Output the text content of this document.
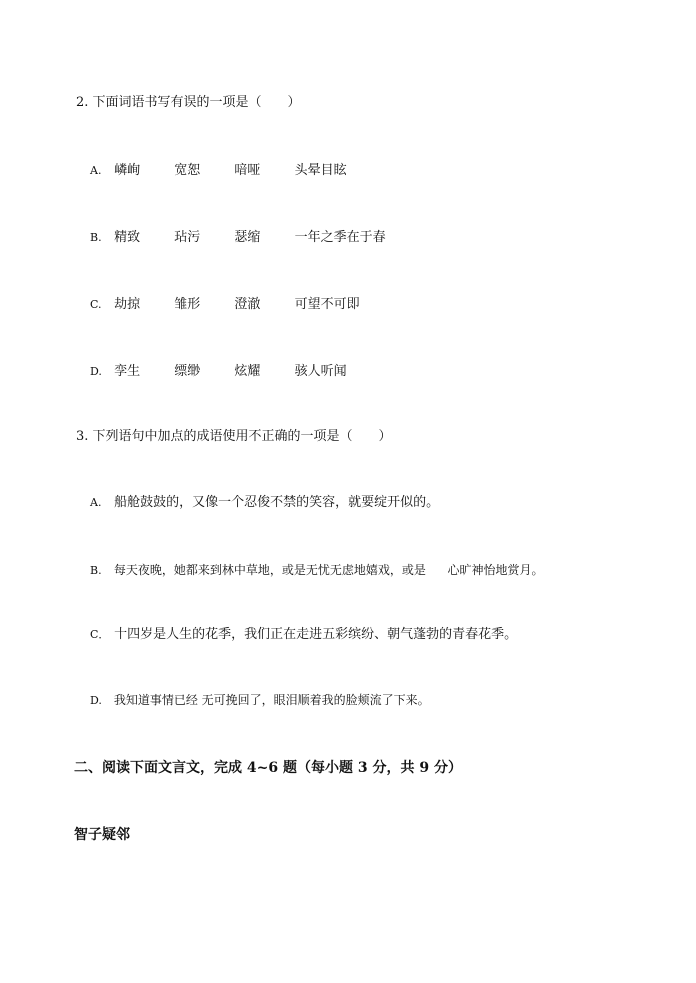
2. 下面词语书写有误的一项是（　　）
A. 嶙峋	宽恕	喑哑	头晕目眩
B. 精致	玷污	瑟缩	一年之季在于春
C. 劫掠	雏形	澄澈	可望不可即
D. 孪生	缥缈	炫耀	骇人听闻
3. 下列语句中加点的成语使用不正确的一项是（　　）
A. 船舱鼓鼓的，又像一个忍俊不禁的笑容，就要绽开似的。
B. 每天夜晚，她都来到林中草地，或是无忧无虑地嬉戏，或是 心旷神怡地赏月。
C． 十四岁是人生的花季，我们正在走进五彩缤纷、朝气蓬勃的青春花季。
D. 我知道事情已经 无可挽回了，眼泪顺着我的脸颊流了下来。
二、阅读下面文言文，完成 4~6 题（每小题 3 分，共 9 分）
智子疑邻
